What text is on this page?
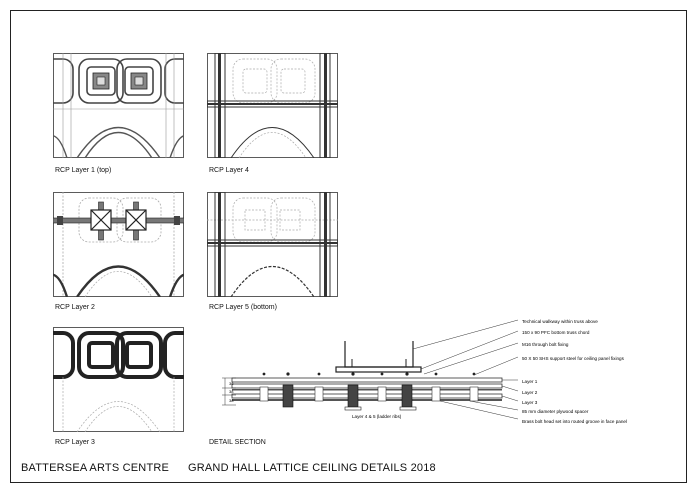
RCP Layer 1 (top)
RCP Layer 2
RCP Layer 3
RCP Layer 4
RCP Layer 5 (bottom)
38
38
38
Technical walkway within truss above
150 x 90 PFC bottom truss chord
M16 through bolt fixing
50 X 50 SHS support steel for ceiling panel fixings
Layer 1
Layer 2
Layer 3
85 mm diameter plywood spacer
Brass bolt head set into routed groove in face panel
Layer 4 & 5 (ladder ribs)
DETAIL SECTION
BATTERSEA ARTS CENTRE GRAND HALL LATTICE CEILING DETAILS 2018
